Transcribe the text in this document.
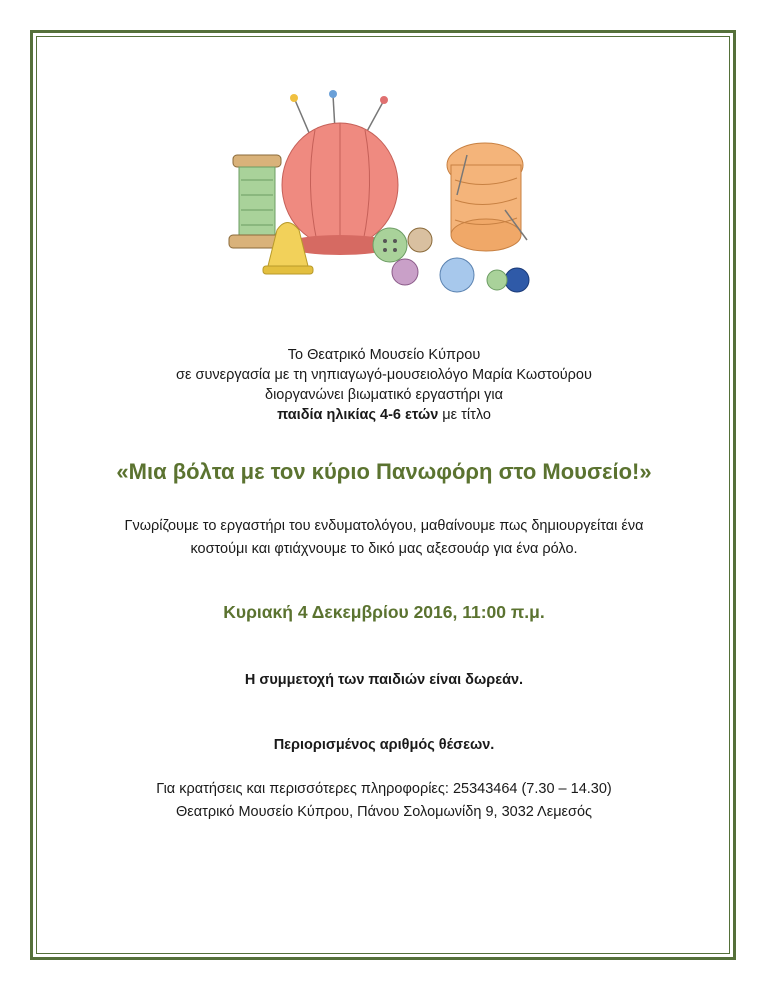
Το Θεατρικό Μουσείο Κύπρου
σε συνεργασία με τη νηπιαγωγό-μουσειολόγο Μαρία Κωστούρου
διοργανώνει βιωματικό εργαστήρι για
παιδία ηλικίας 4-6 ετών με τίτλο
«Μια βόλτα με τον κύριο Πανωφόρη στο Μουσείο!»
Γνωρίζουμε το εργαστήρι του ενδυματολόγου, μαθαίνουμε πως δημιουργείται ένα
κοστούμι και φτιάχνουμε το δικό μας αξεσουάρ για ένα ρόλο.
Κυριακή 4 Δεκεμβρίου 2016, 11:00 π.μ.
Η συμμετοχή των παιδιών είναι δωρεάν.
Περιορισμένος αριθμός θέσεων.
Για κρατήσεις και περισσότερες πληροφορίες: 25343464 (7.30 – 14.30)
Θεατρικό Μουσείο Κύπρου, Πάνου Σολομωνίδη 9, 3032 Λεμεσός
